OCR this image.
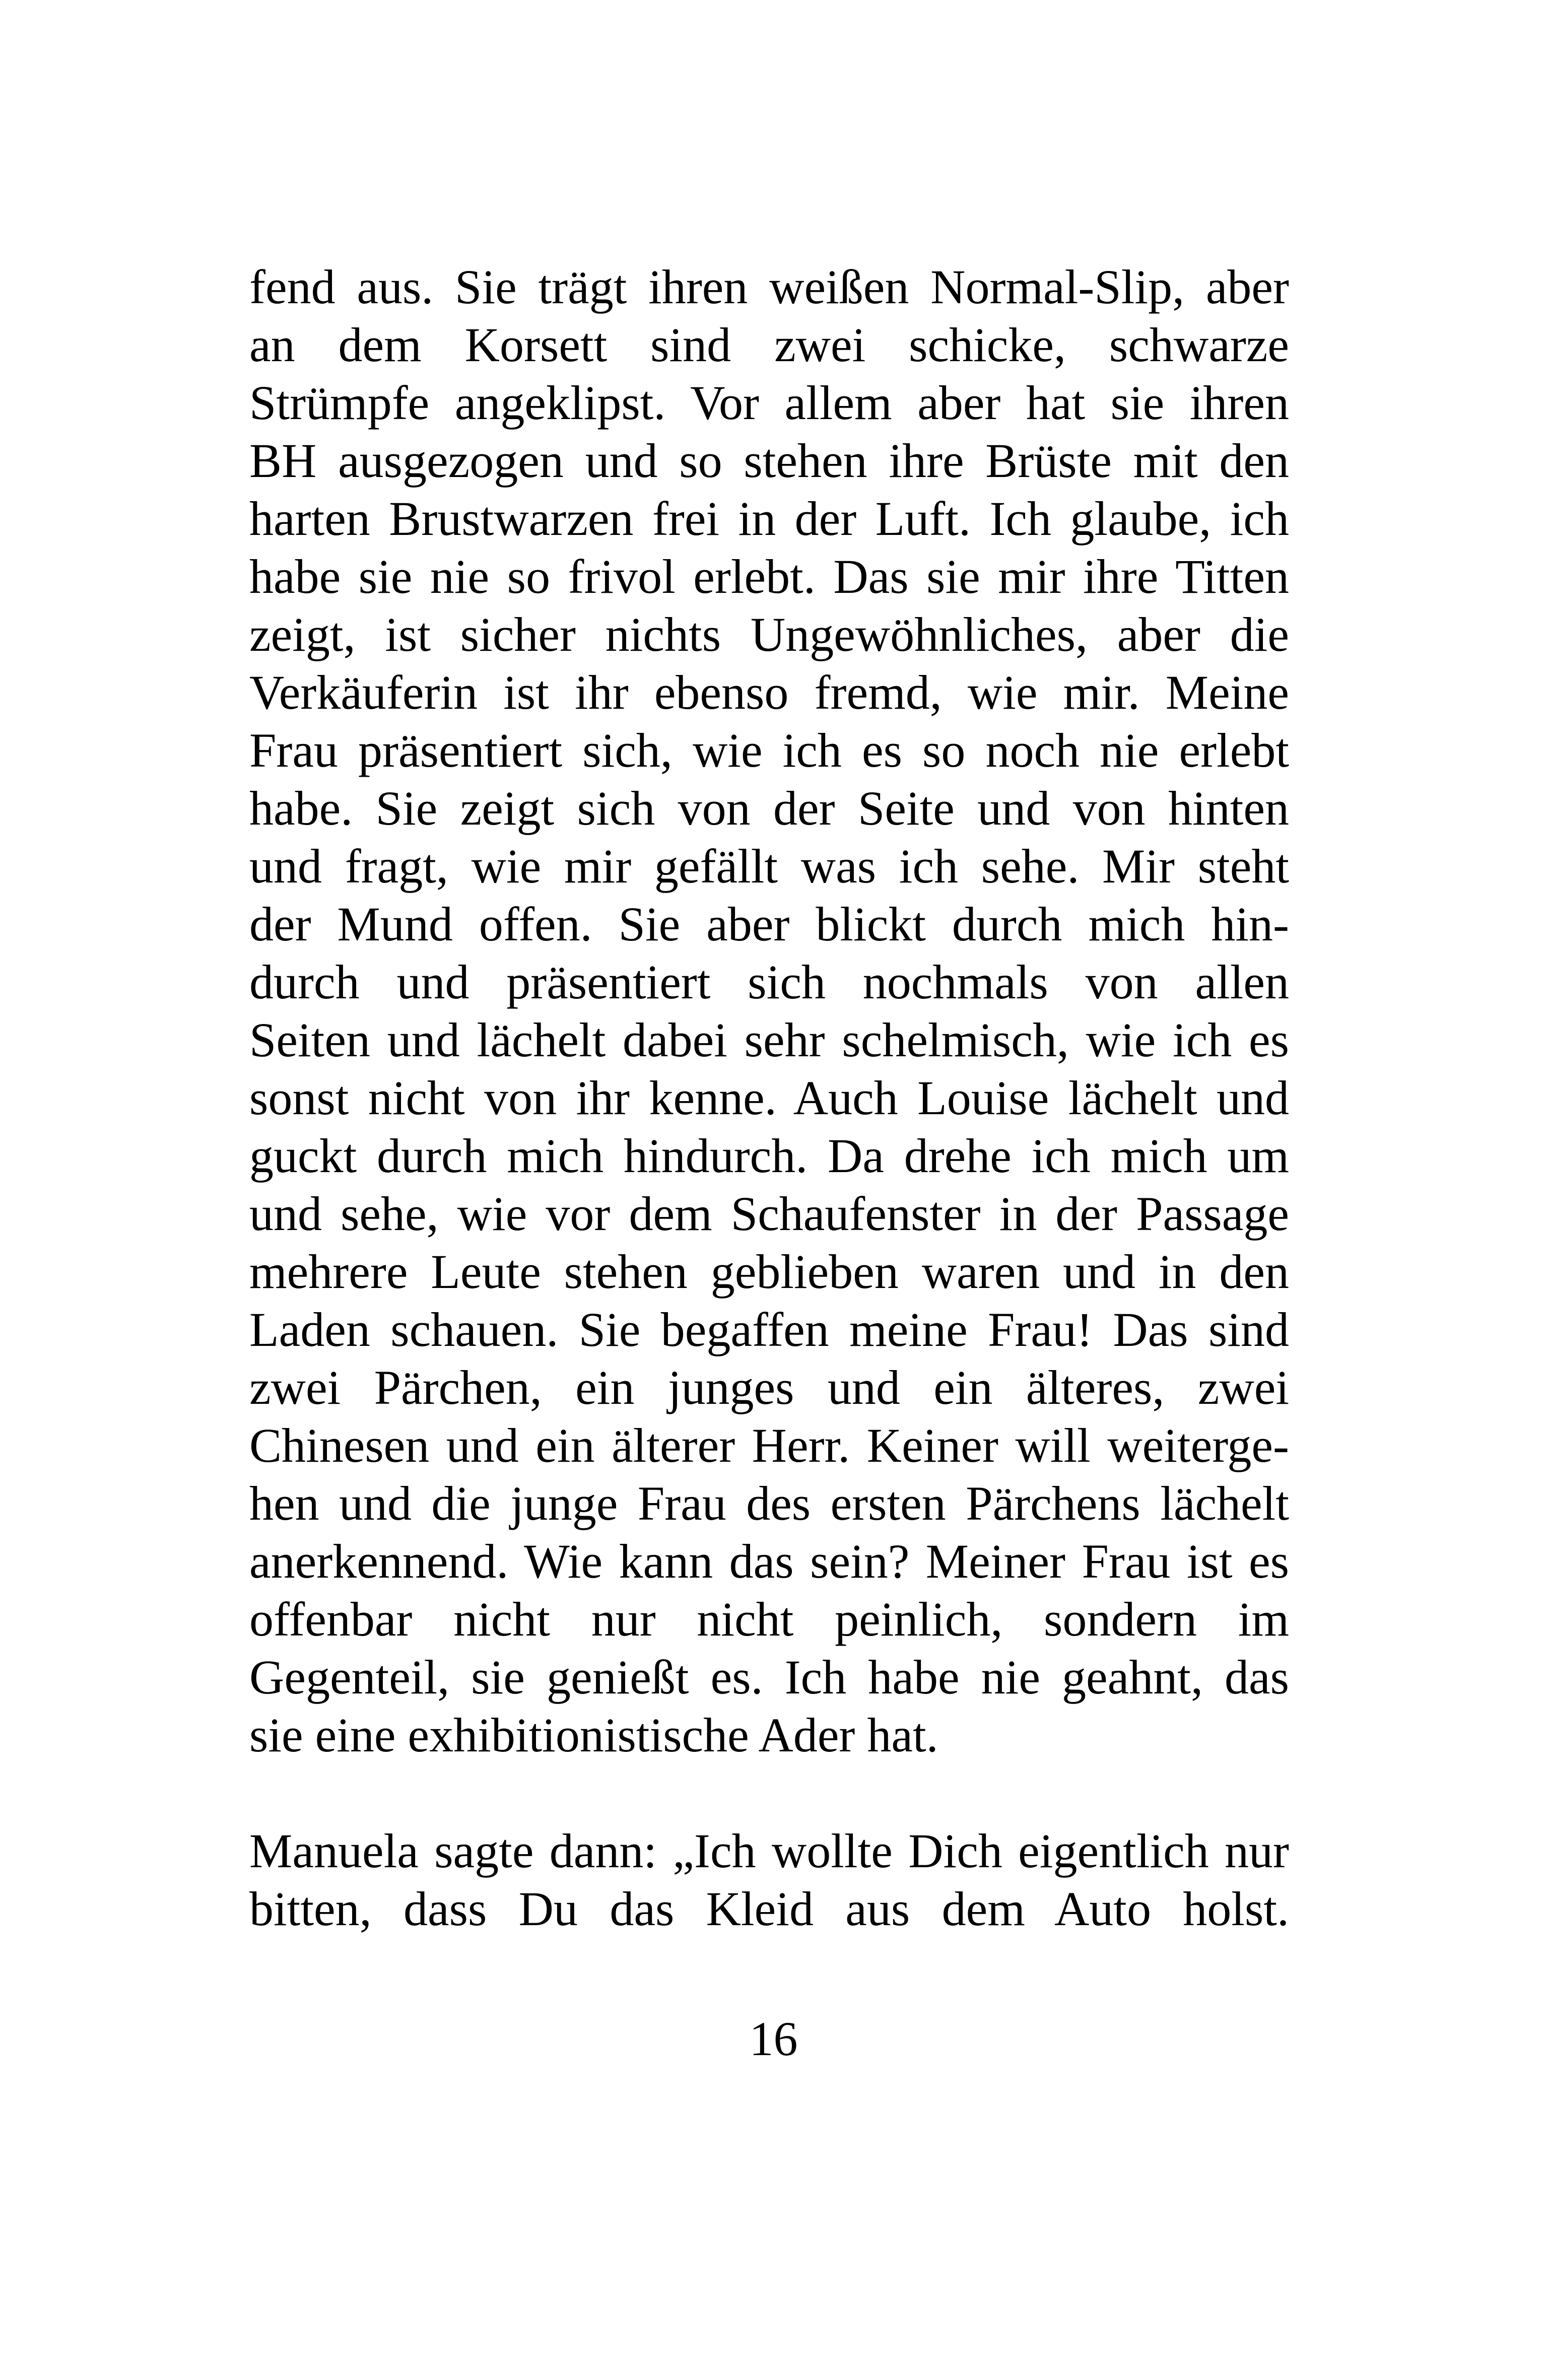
fend aus. Sie trägt ihren weißen Normal-Slip, aber
an dem Korsett sind zwei schicke, schwarze
Strümpfe angeklipst. Vor allem aber hat sie ihren
BH ausgezogen und so stehen ihre Brüste mit den
harten Brustwarzen frei in der Luft. Ich glaube, ich
habe sie nie so frivol erlebt. Das sie mir ihre Titten
zeigt, ist sicher nichts Ungewöhnliches, aber die
Verkäuferin ist ihr ebenso fremd, wie mir. Meine
Frau präsentiert sich, wie ich es so noch nie erlebt
habe. Sie zeigt sich von der Seite und von hinten
und fragt, wie mir gefällt was ich sehe. Mir steht
der Mund offen. Sie aber blickt durch mich hin-
durch und präsentiert sich nochmals von allen
Seiten und lächelt dabei sehr schelmisch, wie ich es
sonst nicht von ihr kenne. Auch Louise lächelt und
guckt durch mich hindurch. Da drehe ich mich um
und sehe, wie vor dem Schaufenster in der Passage
mehrere Leute stehen geblieben waren und in den
Laden schauen. Sie begaffen meine Frau! Das sind
zwei Pärchen, ein junges und ein älteres, zwei
Chinesen und ein älterer Herr. Keiner will weiterge-
hen und die junge Frau des ersten Pärchens lächelt
anerkennend. Wie kann das sein? Meiner Frau ist es
offenbar nicht nur nicht peinlich, sondern im
Gegenteil, sie genießt es. Ich habe nie geahnt, das
sie eine exhibitionistische Ader hat.
Manuela sagte dann: „Ich wollte Dich eigentlich nur
bitten, dass Du das Kleid aus dem Auto holst.
16
